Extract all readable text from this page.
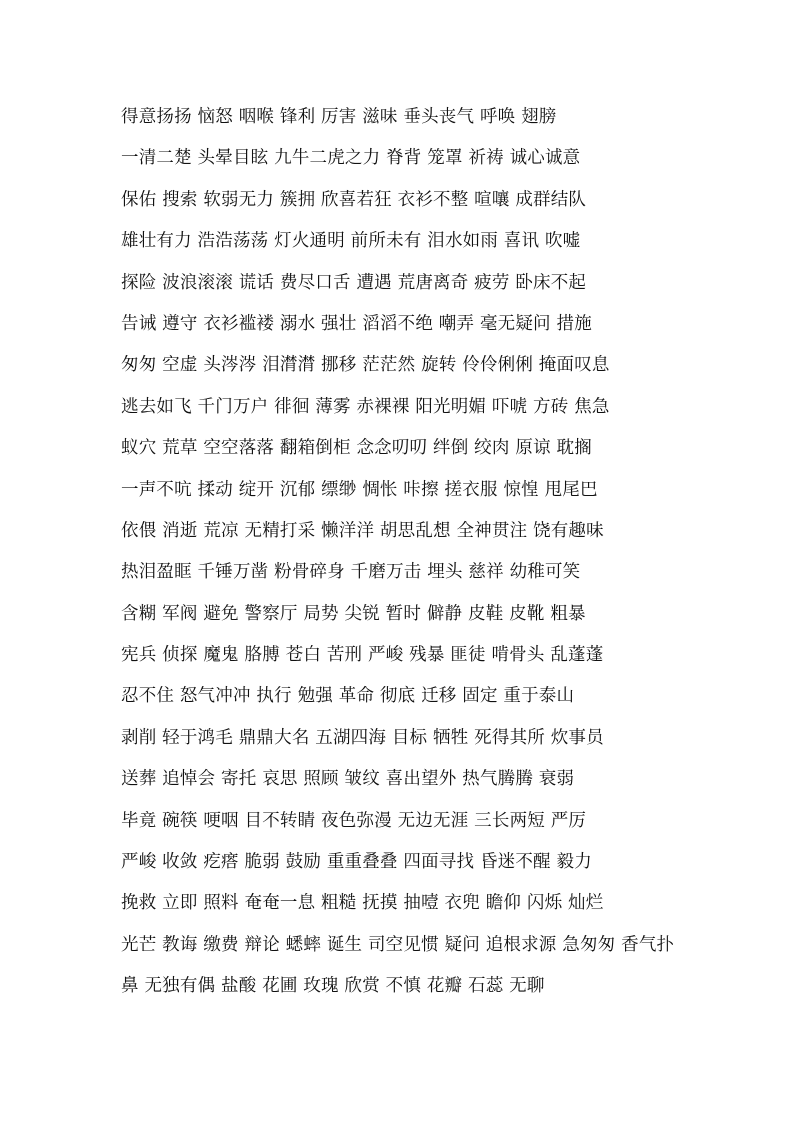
得意扬扬 恼怒 咽喉 锋利 厉害 滋味 垂头丧气 呼唤 翅膀
一清二楚 头晕目眩 九牛二虎之力 脊背 笼罩 祈祷 诚心诚意
保佑 搜索 软弱无力 簇拥 欣喜若狂 衣衫不整 喧嚷 成群结队
雄壮有力 浩浩荡荡 灯火通明 前所未有 泪水如雨 喜讯 吹嘘
探险 波浪滚滚 谎话 费尽口舌 遭遇 荒唐离奇 疲劳 卧床不起
告诫 遵守 衣衫褴褛 溺水 强壮 滔滔不绝 嘲弄 毫无疑问 措施
匆匆 空虚 头涔涔 泪潸潸 挪移 茫茫然 旋转 伶伶俐俐 掩面叹息
逃去如飞 千门万户 徘徊 薄雾 赤裸裸 阳光明媚 吓唬 方砖 焦急
蚁穴 荒草 空空落落 翻箱倒柜 念念叨叨 绊倒 绞肉 原谅 耽搁
一声不吭 揉动 绽开 沉郁 缥缈 惆怅 咔擦 搓衣服 惊惶 甩尾巴
依偎 消逝 荒凉 无精打采 懒洋洋 胡思乱想 全神贯注 饶有趣味
热泪盈眶 千锤万凿 粉骨碎身 千磨万击 埋头 慈祥 幼稚可笑
含糊 军阀 避免 警察厅 局势 尖锐 暂时 僻静 皮鞋 皮靴 粗暴
宪兵 侦探 魔鬼 胳膊 苍白 苦刑 严峻 残暴 匪徒 啃骨头 乱蓬蓬
忍不住 怒气冲冲 执行 勉强 革命 彻底 迁移 固定 重于泰山
剥削 轻于鸿毛 鼎鼎大名 五湖四海 目标 牺牲 死得其所 炊事员
送葬 追悼会 寄托 哀思 照顾 皱纹 喜出望外 热气腾腾 衰弱
毕竟 碗筷 哽咽 目不转睛 夜色弥漫 无边无涯 三长两短 严厉
严峻 收敛 疙瘩 脆弱 鼓励 重重叠叠 四面寻找 昏迷不醒 毅力
挽救 立即 照料 奄奄一息 粗糙 抚摸 抽噎 衣兜 瞻仰 闪烁 灿烂
光芒 教诲 缴费 辩论 蟋蟀 诞生 司空见惯 疑问 追根求源 急匆匆 香气扑
鼻 无独有偶 盐酸 花圃 玫瑰 欣赏 不慎 花瓣 石蕊 无聊
